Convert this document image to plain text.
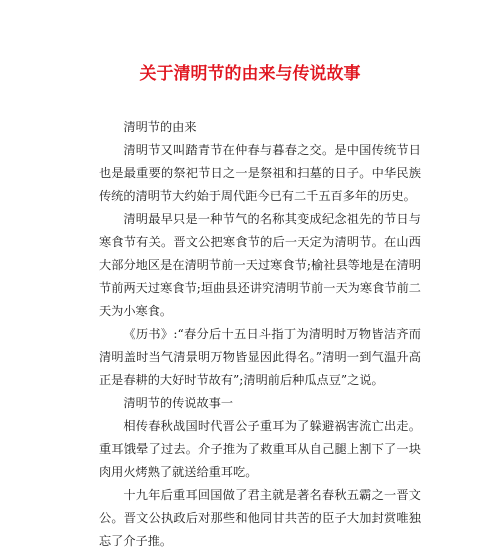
关于清明节的由来与传说故事

清明节的由来

清明节又叫踏青节在仲春与暮春之交。是中国传统节日也是最重要的祭祀节日之一是祭祖和扫墓的日子。中华民族传统的清明节大约始于周代距今已有二千五百多年的历史。

清明最早只是一种节气的名称其变成纪念祖先的节日与寒食节有关。晋文公把寒食节的后一天定为清明节。在山西大部分地区是在清明节前一天过寒食节;榆社县等地是在清明节前两天过寒食节;垣曲县还讲究清明节前一天为寒食节前二天为小寒食。

《历书》:“春分后十五日斗指丁为清明时万物皆洁齐而清明盖时当气清景明万物皆显因此得名。”清明一到气温升高正是春耕的大好时节故有”;清明前后种瓜点豆”之说。

清明节的传说故事一

相传春秋战国时代晋公子重耳为了躲避祸害流亡出走。重耳饿晕了过去。介子推为了救重耳从自己腿上割下了一块肉用火烤熟了就送给重耳吃。

十九年后重耳回国做了君主就是著名春秋五霸之一晋文公。晋文公执政后对那些和他同甘共苦的臣子大加封赏唯独忘了介子推。
